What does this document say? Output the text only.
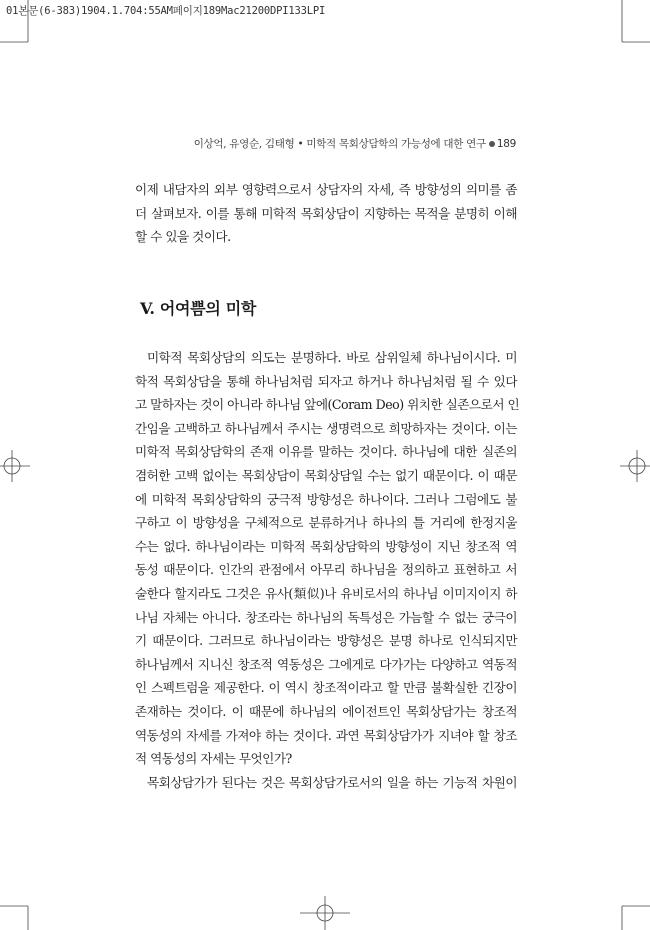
01본문(6-383)1904.1.704:55AM페이지189Mac21200DPI133LPI
이상억, 유영순, 김태형 • 미학적 목회상담학의 가능성에 대한 연구 189
이제 내담자의 외부 영향력으로서 상담자의 자세, 즉 방향성의 의미를 좀
더 살펴보자. 이를 통해 미학적 목회상담이 지향하는 목적을 분명히 이해
할 수 있을 것이다.
V. 어여쁨의 미학
미학적 목회상담의 의도는 분명하다. 바로 삼위일체 하나님이시다. 미
학적 목회상담을 통해 하나님처럼 되자고 하거나 하나님처럼 될 수 있다
고 말하자는 것이 아니라 하나님 앞에(Coram Deo) 위치한 실존으로서 인
간임을 고백하고 하나님께서 주시는 생명력으로 희망하자는 것이다. 이는
미학적 목회상담학의 존재 이유를 말하는 것이다. 하나님에 대한 실존의
겸허한 고백 없이는 목회상담이 목회상담일 수는 없기 때문이다. 이 때문
에 미학적 목회상담학의 궁극적 방향성은 하나이다. 그러나 그럼에도 불
구하고 이 방향성을 구체적으로 분류하거나 하나의 틀 거리에 한정지울
수는 없다. 하나님이라는 미학적 목회상담학의 방향성이 지닌 창조적 역
동성 때문이다. 인간의 관점에서 아무리 하나님을 정의하고 표현하고 서
술한다 할지라도 그것은 유사(類似)나 유비로서의 하나님 이미지이지 하
나님 자체는 아니다. 창조라는 하나님의 독특성은 가늠할 수 없는 궁극이
기 때문이다. 그러므로 하나님이라는 방향성은 분명 하나로 인식되지만
하나님께서 지니신 창조적 역동성은 그에게로 다가가는 다양하고 역동적
인 스펙트럼을 제공한다. 이 역시 창조적이라고 할 만큼 불확실한 긴장이
존재하는 것이다. 이 때문에 하나님의 에이전트인 목회상담가는 창조적
역동성의 자세를 가져야 하는 것이다. 과연 목회상담가가 지녀야 할 창조
적 역동성의 자세는 무엇인가?
목회상담가가 된다는 것은 목회상담가로서의 일을 하는 기능적 차원이
